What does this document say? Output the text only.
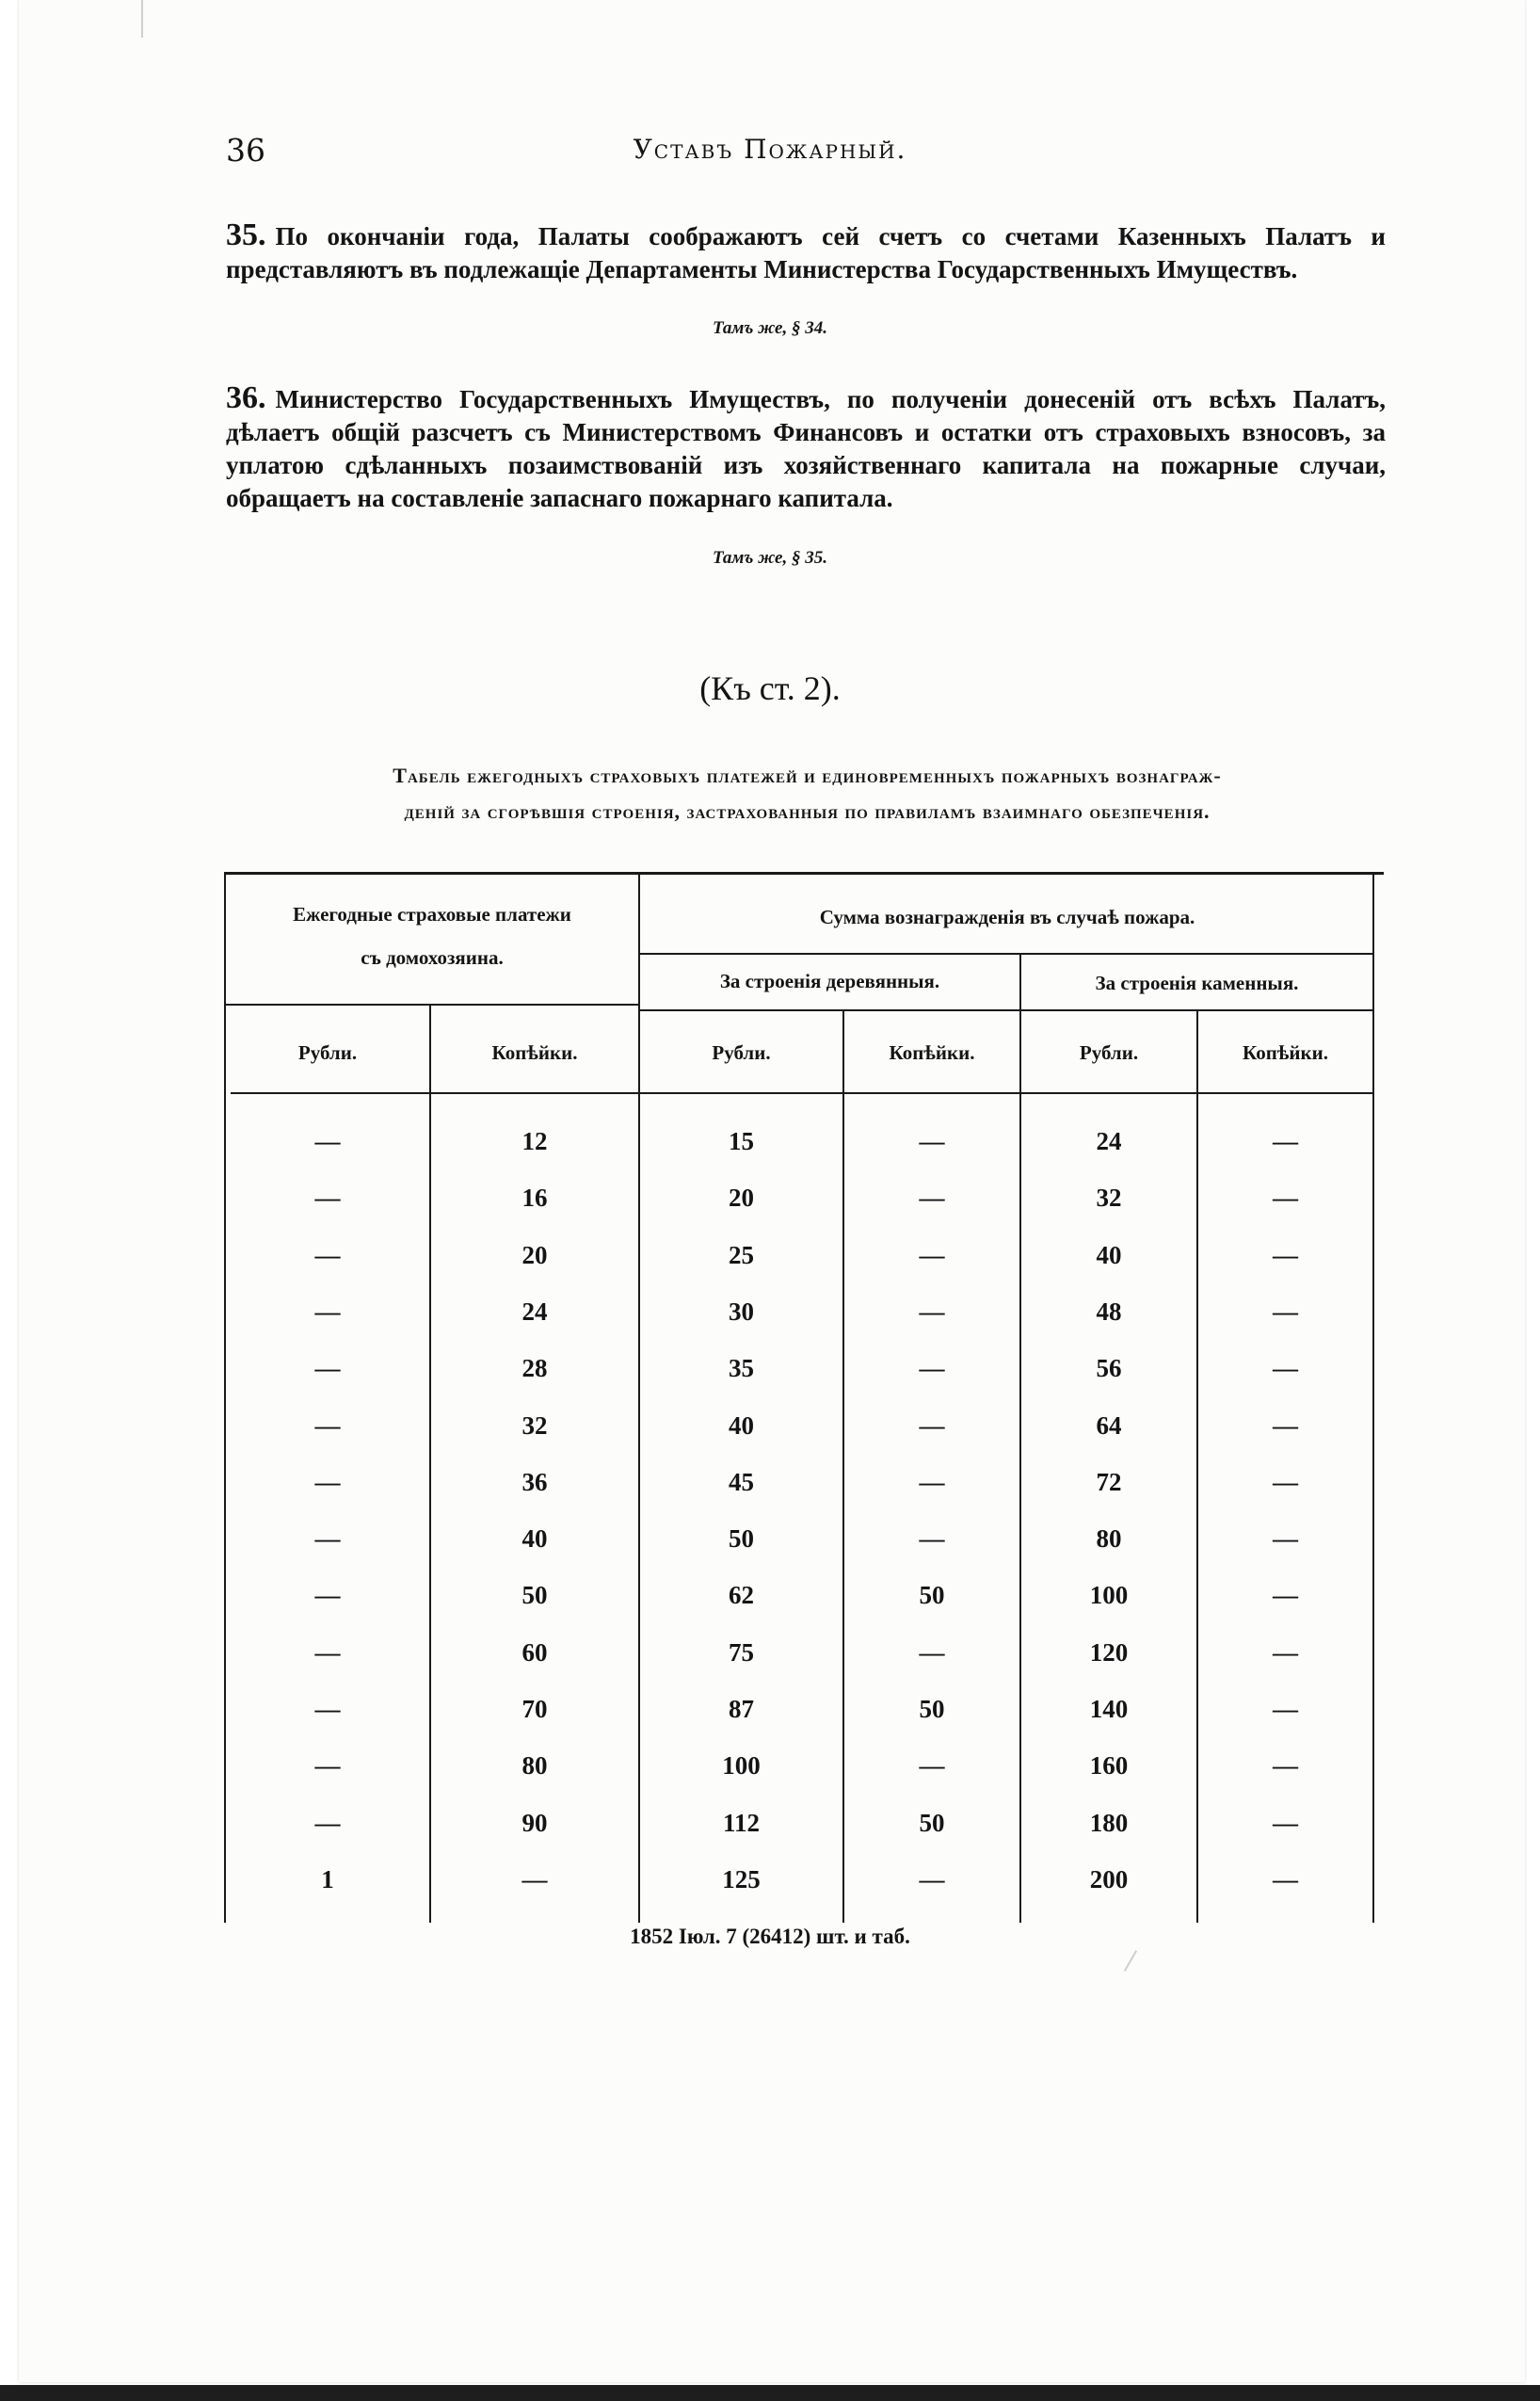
36	Уставъ Пожарный.

35. По окончаніи года, Палаты соображаютъ сей счетъ со счетами Казенныхъ Палатъ и представляютъ въ подлежащіе Департаменты Министерства Государственныхъ Имуществъ.

Тамъ же, § 34.

36. Министерство Государственныхъ Имуществъ, по полученіи донесеній отъ всѣхъ Палатъ, дѣлаетъ общій разсчетъ съ Министерствомъ Финансовъ и остатки отъ страховыхъ взносовъ, за уплатою сдѣланныхъ позаимствованій изъ хозяйственнаго капитала на пожарные случаи, обращаетъ на составленіе запаснаго пожарнаго капитала.

Тамъ же, § 35.
(Къ ст. 2).
Табель ежегодныхъ страховыхъ платежей и единовременныхъ пожарныхъ вознаграж-
деній за сгорѣвшія строенія, застрахованныя по правиламъ взаимнаго обезпеченія.
Ежегодные страховые платежи
съ домохозяина.
Сумма вознагражденія въ случаѣ пожара.
За строенія деревянныя.	За строенія каменныя.
Рубли.	Копѣйки.	Рубли.	Копѣйки.	Рубли.	Копѣйки.
—	12	15	—	24	—
—	16	20	—	32	—
—	20	25	—	40	—
—	24	30	—	48	—
—	28	35	—	56	—
—	32	40	—	64	—
—	36	45	—	72	—
—	40	50	—	80	—
—	50	62	50	100	—
—	60	75	—	120	—
—	70	87	50	140	—
—	80	100	—	160	—
—	90	112	50	180	—
1	—	125	—	200	—
1852 Іюл. 7 (26412) шт. и таб.
